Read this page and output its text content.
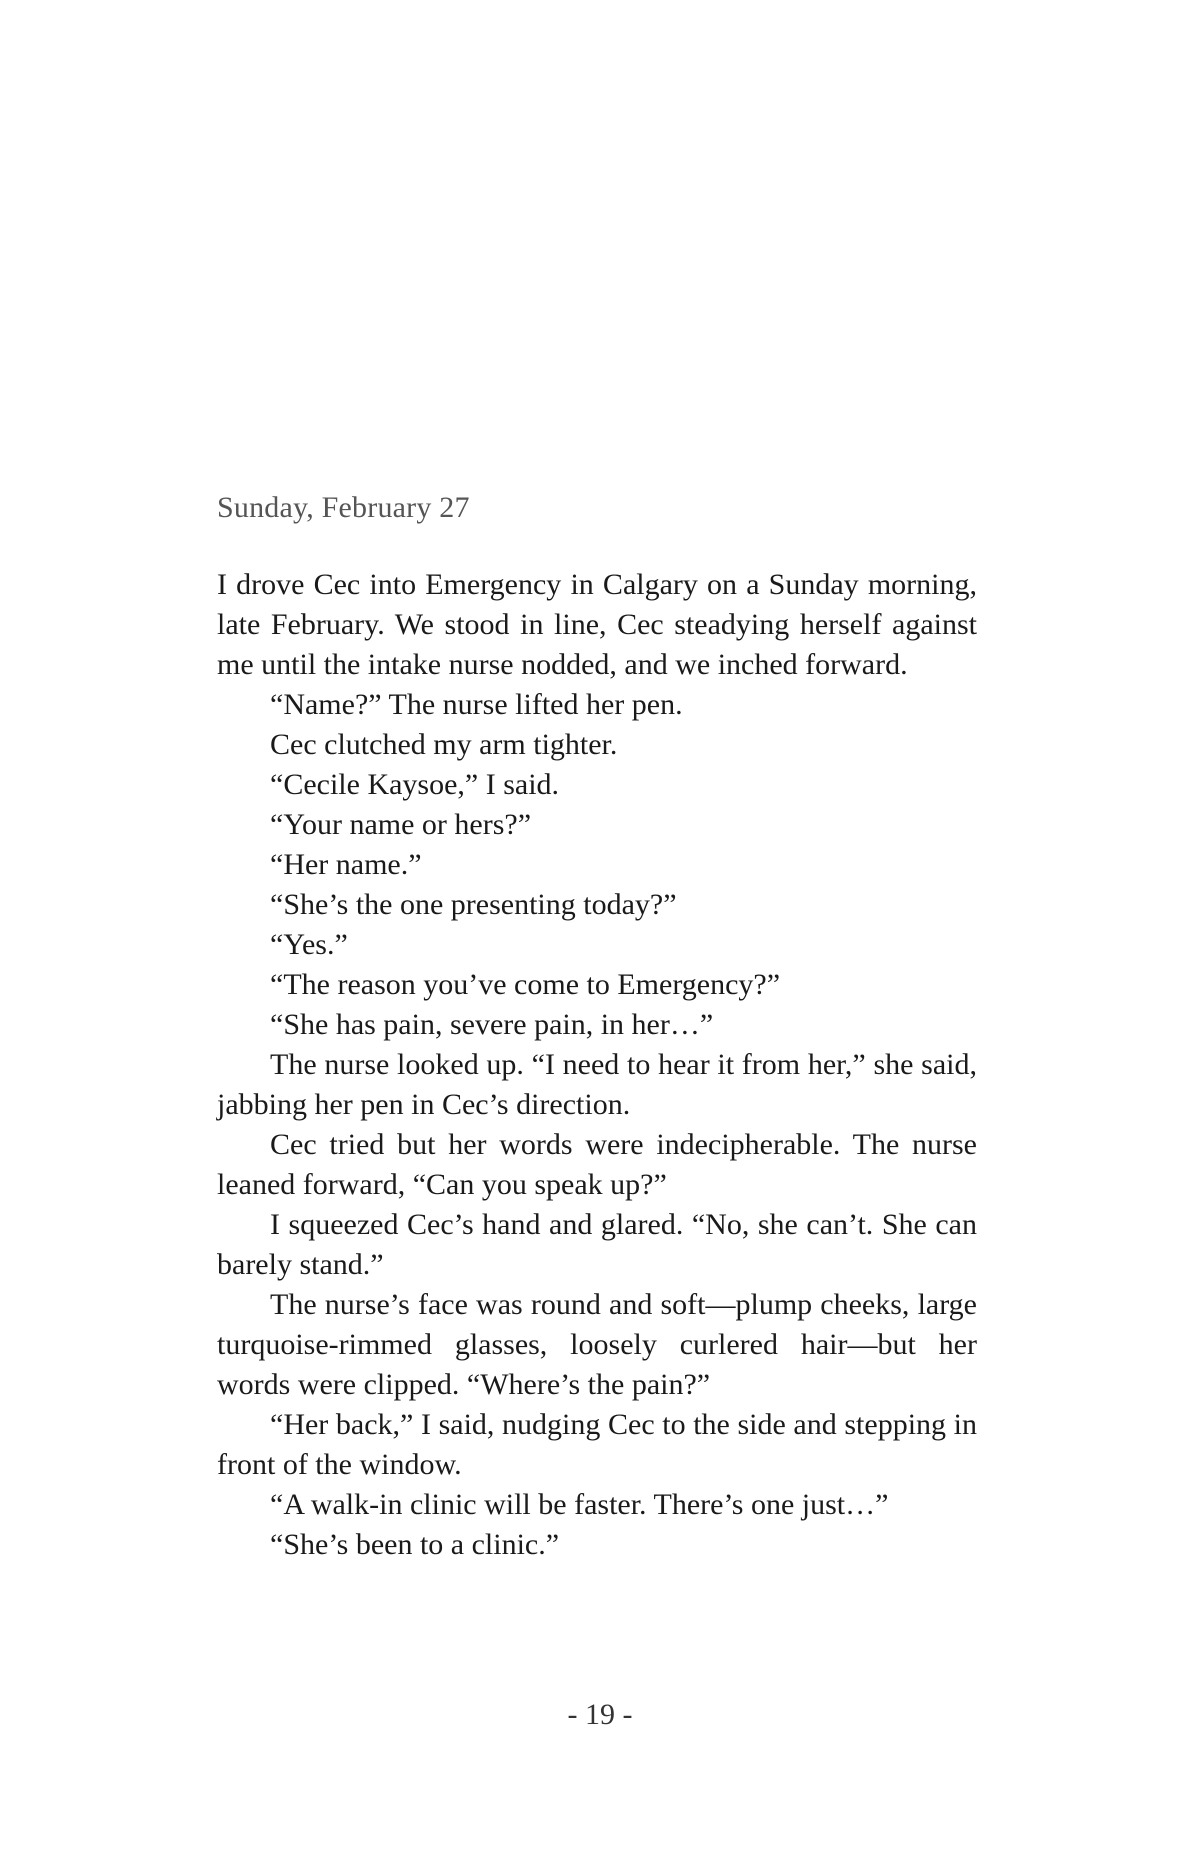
Sunday, February 27

I drove Cec into Emergency in Calgary on a Sunday morning, late February. We stood in line, Cec steadying herself against me until the intake nurse nodded, and we inched forward.

“Name?” The nurse lifted her pen.

Cec clutched my arm tighter.

“Cecile Kaysoe,” I said.

“Your name or hers?”

“Her name.”

“She’s the one presenting today?”

“Yes.”

“The reason you’ve come to Emergency?”

“She has pain, severe pain, in her…”

The nurse looked up. “I need to hear it from her,” she said, jabbing her pen in Cec’s direction.

Cec tried but her words were indecipherable. The nurse leaned forward, “Can you speak up?”

I squeezed Cec’s hand and glared. “No, she can’t. She can barely stand.”

The nurse’s face was round and soft—plump cheeks, large turquoise-rimmed glasses, loosely curlered hair—but her words were clipped. “Where’s the pain?”

“Her back,” I said, nudging Cec to the side and stepping in front of the window.

“A walk-in clinic will be faster. There’s one just…”

“She’s been to a clinic.”

- 19 -
